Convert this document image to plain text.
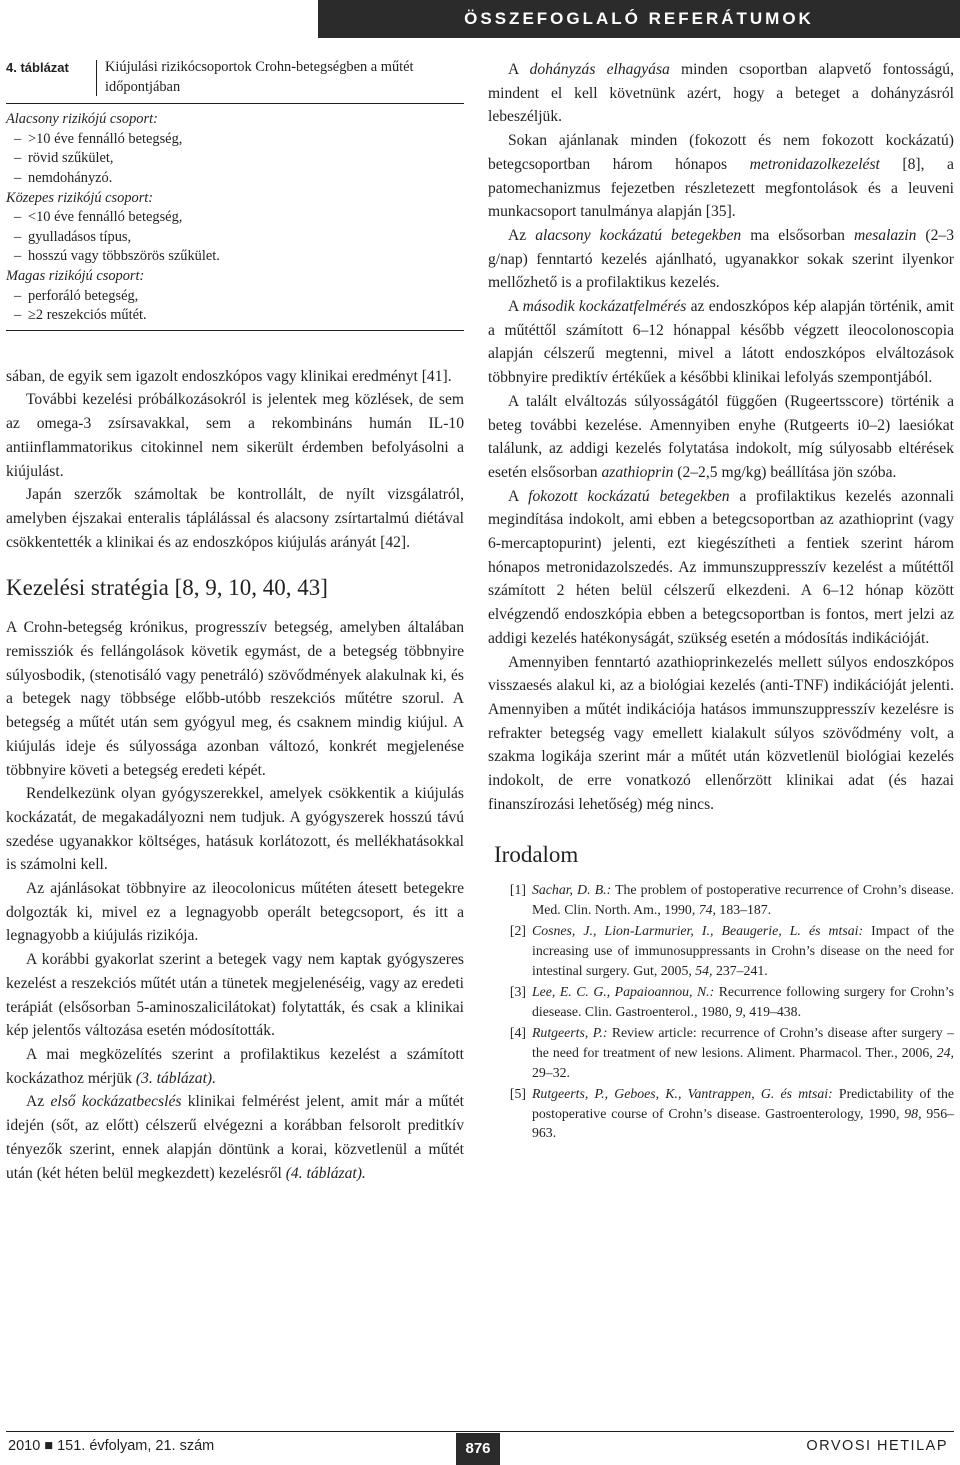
ÖSSZEFOGLALÓ REFERÁTUMOK
4. táblázat	Kiújulási rizikócsoportok Crohn-betegségben a műtét időpontjában
Alacsony rizikójú csoport:
– >10 éve fennálló betegség,
– rövid szűkület,
– nemdohányzó.
Közepes rizikójú csoport:
– <10 éve fennálló betegség,
– gyulladásos típus,
– hosszú vagy többszörös szűkület.
Magas rizikójú csoport:
– perforáló betegség,
– ≥2 reszekciós műtét.

sában, de egyik sem igazolt endoszkópos vagy klinikai eredményt [41].

További kezelési próbálkozásokról is jelentek meg közlések, de sem az omega-3 zsírsavakkal, sem a rekombináns humán IL-10 antiinflammatorikus citokinnel nem sikerült érdemben befolyásolni a kiújulást.

Japán szerzők számoltak be kontrollált, de nyílt vizsgálatról, amelyben éjszakai enteralis táplálással és alacsony zsírtartalmú diétával csökkentették a klinikai és az endoszkópos kiújulás arányát [42].

Kezelési stratégia [8, 9, 10, 40, 43]

A Crohn-betegség krónikus, progresszív betegség, amelyben általában remissziók és fellángolások követik egymást, de a betegség többnyire súlyosbodik, (stenotisáló vagy penetráló) szövődmények alakulnak ki, és a betegek nagy többsége előbb-utóbb reszekciós műtétre szorul. A betegség a műtét után sem gyógyul meg, és csaknem mindig kiújul. A kiújulás ideje és súlyossága azonban változó, konkrét megjelenése többnyire követi a betegség eredeti képét.

Rendelkezünk olyan gyógyszerekkel, amelyek csökkentik a kiújulás kockázatát, de megakadályozni nem tudjuk. A gyógyszerek hosszú távú szedése ugyanakkor költséges, hatásuk korlátozott, és mellékhatásokkal is számolni kell.

Az ajánlásokat többnyire az ileocolonicus műtéten átesett betegekre dolgozták ki, mivel ez a legnagyobb operált betegcsoport, és itt a legnagyobb a kiújulás rizikója.

A korábbi gyakorlat szerint a betegek vagy nem kaptak gyógyszeres kezelést a reszekciós műtét után a tünetek megjelenéséig, vagy az eredeti terápiát (elsősorban 5-aminoszalicilátokat) folytatták, és csak a klinikai kép jelentős változása esetén módosították.

A mai megközelítés szerint a profilaktikus kezelést a számított kockázathoz mérjük (3. táblázat).

Az első kockázatbecslés klinikai felmérést jelent, amit már a műtét idején (sőt, az előtt) célszerű elvégezni a korábban felsorolt preditkív tényezők szerint, ennek alapján döntünk a korai, közvetlenül a műtét után (két héten belül megkezdett) kezelésről (4. táblázat).

A dohányzás elhagyása minden csoportban alapvető fontosságú, mindent el kell követnünk azért, hogy a beteget a dohányzásról lebeszéljük.

Sokan ajánlanak minden (fokozott és nem fokozott kockázatú) betegcsoportban három hónapos metronidazolkezelést [8], a patomechanizmus fejezetben részletezett megfontolások és a leuveni munkacsoport tanulmánya alapján [35].

Az alacsony kockázatú betegekben ma elsősorban mesalazin (2–3 g/nap) fenntartó kezelés ajánlható, ugyanakkor sokak szerint ilyenkor mellőzhető is a profilaktikus kezelés.

A második kockázatfelmérés az endoszkópos kép alapján történik, amit a műtéttől számított 6–12 hónappal később végzett ileocolonoscopia alapján célszerű megtenni, mivel a látott endoszkópos elváltozások többnyire prediktív értékűek a későbbi klinikai lefolyás szempontjából.

A talált elváltozás súlyosságától függően (Rugeertsscore) történik a beteg további kezelése. Amennyiben enyhe (Rutgeerts i0–2) laesiókat találunk, az addigi kezelés folytatása indokolt, míg súlyosabb eltérések esetén elsősorban azathioprin (2–2,5 mg/kg) beállítása jön szóba.

A fokozott kockázatú betegekben a profilaktikus kezelés azonnali megindítása indokolt, ami ebben a betegcsoportban az azathioprint (vagy 6-mercaptopurint) jelenti, ezt kiegészítheti a fentiek szerint három hónapos metronidazolszedés. Az immunszuppresszív kezelést a műtéttől számított 2 héten belül célszerű elkezdeni. A 6–12 hónap között elvégzendő endoszkópia ebben a betegcsoportban is fontos, mert jelzi az addigi kezelés hatékonyságát, szükség esetén a módosítás indikációját.

Amennyiben fenntartó azathioprinkezelés mellett súlyos endoszkópos visszaesés alakul ki, az a biológiai kezelés (anti-TNF) indikációját jelenti. Amennyiben a műtét indikációja hatásos immunszuppresszív kezelésre is refrakter betegség vagy emellett kialakult súlyos szövődmény volt, a szakma logikája szerint már a műtét után közvetlenül biológiai kezelés indokolt, de erre vonatkozó ellenőrzött klinikai adat (és hazai finanszírozási lehetőség) még nincs.

Irodalom
[1] Sachar, D. B.: The problem of postoperative recurrence of Crohn’s disease. Med. Clin. North. Am., 1990, 74, 183–187.
[2] Cosnes, J., Lion-Larmurier, I., Beaugerie, L. és mtsai: Impact of the increasing use of immunosuppressants in Crohn’s disease on the need for intestinal surgery. Gut, 2005, 54, 237–241.
[3] Lee, E. C. G., Papaioannou, N.: Recurrence following surgery for Crohn’s diesease. Clin. Gastroenterol., 1980, 9, 419–438.
[4] Rutgeerts, P.: Review article: recurrence of Crohn’s disease after surgery – the need for treatment of new lesions. Aliment. Pharmacol. Ther., 2006, 24, 29–32.
[5] Rutgeerts, P., Geboes, K., Vantrappen, G. és mtsai: Predictability of the postoperative course of Crohn’s disease. Gastroenterology, 1990, 98, 956–963.
2010 ■ 151. évfolyam, 21. szám	876	ORVOSI HETILAP
